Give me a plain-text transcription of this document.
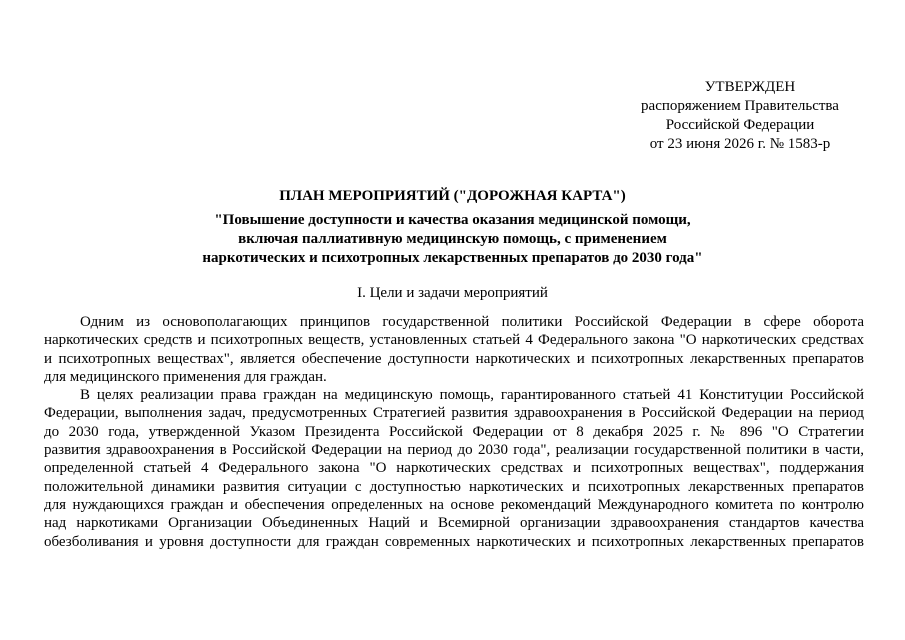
УТВЕРЖДЕН
распоряжением Правительства
Российской Федерации
от 23 июня 2026 г. № 1583-р
ПЛАН МЕРОПРИЯТИЙ ("ДОРОЖНАЯ КАРТА")
"Повышение доступности и качества оказания медицинской помощи,
включая паллиативную медицинскую помощь, с применением
наркотических и психотропных лекарственных препаратов до 2030 года"
I. Цели и задачи мероприятий
Одним из основополагающих принципов государственной политики Российской Федерации в сфере оборота
наркотических средств и психотропных веществ, установленных статьей 4 Федерального закона "О наркотических средствах
и психотропных веществах", является обеспечение доступности наркотических и психотропных лекарственных препаратов
для медицинского применения для граждан.
В целях реализации права граждан на медицинскую помощь, гарантированного статьей 41 Конституции Российской
Федерации, выполнения задач, предусмотренных Стратегией развития здравоохранения в Российской Федерации на период
до 2030 года, утвержденной Указом Президента Российской Федерации от 8 декабря 2025 г. № 896 "О Стратегии
развития здравоохранения в Российской Федерации на период до 2030 года", реализации государственной политики в части,
определенной статьей 4 Федерального закона "О наркотических средствах и психотропных веществах", поддержания
положительной динамики развития ситуации с доступностью наркотических и психотропных лекарственных препаратов
для нуждающихся граждан и обеспечения определенных на основе рекомендаций Международного комитета по контролю
над наркотиками Организации Объединенных Наций и Всемирной организации здравоохранения стандартов качества
обезболивания и уровня доступности для граждан современных наркотических и психотропных лекарственных препаратов
